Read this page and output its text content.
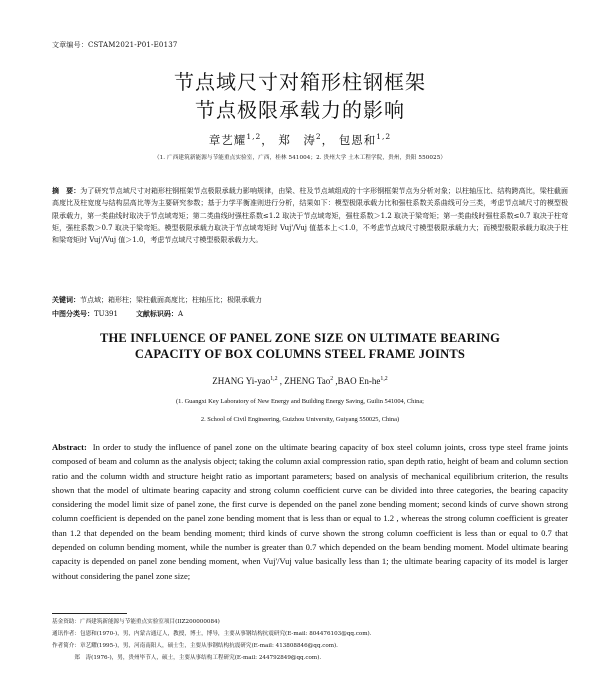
文章编号：CSTAM2021-P01-E0137
节点域尺寸对箱形柱钢框架
节点极限承载力的影响
章艺耀$^{1,2}$， 郑　涛$^2$， 包恩和$^{1,2}$
（1. 广西建筑新能源与节能重点实验室，广西，桂林 541004；2. 贵州大学 土木工程学院，贵州，贵阳 550025）
摘　要：为了研究节点域尺寸对箱形柱钢框架节点极限承载力影响规律，由梁、柱及节点域组成的十字形钢框架节点为分析对象；以柱轴压比、结构跨高比，梁柱截面高度比及柱宽度与结构层高比等为主要研究参数；基于力学平衡准则进行分析，结果如下：模型极限承载力比和强柱系数关系曲线可分三类，考虑节点域尺寸的模型极限承载力，第一类曲线时取决于节点域弯矩；第二类曲线时强柱系数≤1.2 取决于节点域弯矩，强柱系数＞1.2 取决于梁弯矩；第一类曲线时强柱系数≤0.7 取决于柱弯矩，强柱系数＞0.7 取决于梁弯矩。模型极限承载力取决于节点域弯矩时 Vuj'/Vuj 值基本上＜1.0，不考虑节点域尺寸模型极限承载力大；而模型极限承载力取决于柱和梁弯矩时 Vuj'/Vuj 值＞1.0，考虑节点域尺寸模型极限承载力大。
关键词：节点域；箱形柱；梁柱截面高度比；柱轴压比；极限承载力
中图分类号：TU391	文献标识码：A
THE INFLUENCE OF PANEL ZONE SIZE ON ULTIMATE BEARING
CAPACITY OF BOX COLUMNS STEEL FRAME JOINTS
ZHANG Yi-yao$^{1,2}$ , ZHENG Tao$^2$ ,BAO En-he$^{1,2}$
(1. Guangxi Key Laboratory of New Energy and Building Energy Saving, Guilin 541004, China;
2. School of Civil Engineering, Guizhou University, Guiyang 550025, China)
Abstract: In order to study the influence of panel zone on the ultimate bearing capacity of box steel column joints, cross type steel frame joints composed of beam and column as the analysis object; taking the column axial compression ratio, span depth ratio, height of beam and column section ratio and the column width and structure height ratio as important parameters; based on analysis of mechanical equilibrium criterion, the results shown that the model of ultimate bearing capacity and strong column coefficient curve can be divided into three categories, the bearing capacity considering the model limit size of panel zone, the first curve is depended on the panel zone bending moment; second kinds of curve shown strong column coefficient is depended on the panel zone bending moment that is less than or equal to 1.2 , whereas the strong column coefficient is greater than 1.2 that depended on the beam bending moment; third kinds of curve shown the strong column coefficient is less than or equal to 0.7 that depended on column bending moment, while the number is greater than 0.7 which depended on the beam bending moment. Model ultimate bearing capacity is depended on panel zone bending moment, when Vuj'/Vuj value basically less than 1; the ultimate bearing capacity of its model is larger without considering the panel zone size;
基金资助：广西建筑新能源与节能重点实验室项目(IIZ200000084)
通讯作者：包恩和(1970-)，男，内蒙古通辽人，教授，博士，博导，主要从事钢结构抗震研究(E-mail: 804476103@qq.com).
作者简介：章艺耀(1995-)，男，河南南阳人，硕士生，主要从事钢结构抗震研究(E-mail: 413808846@qq.com).
　　　　郑　涛(1976-)，男，贵州毕节人，硕士，主要从事结构工程研究(E-mail: 244792849@qq.com).
